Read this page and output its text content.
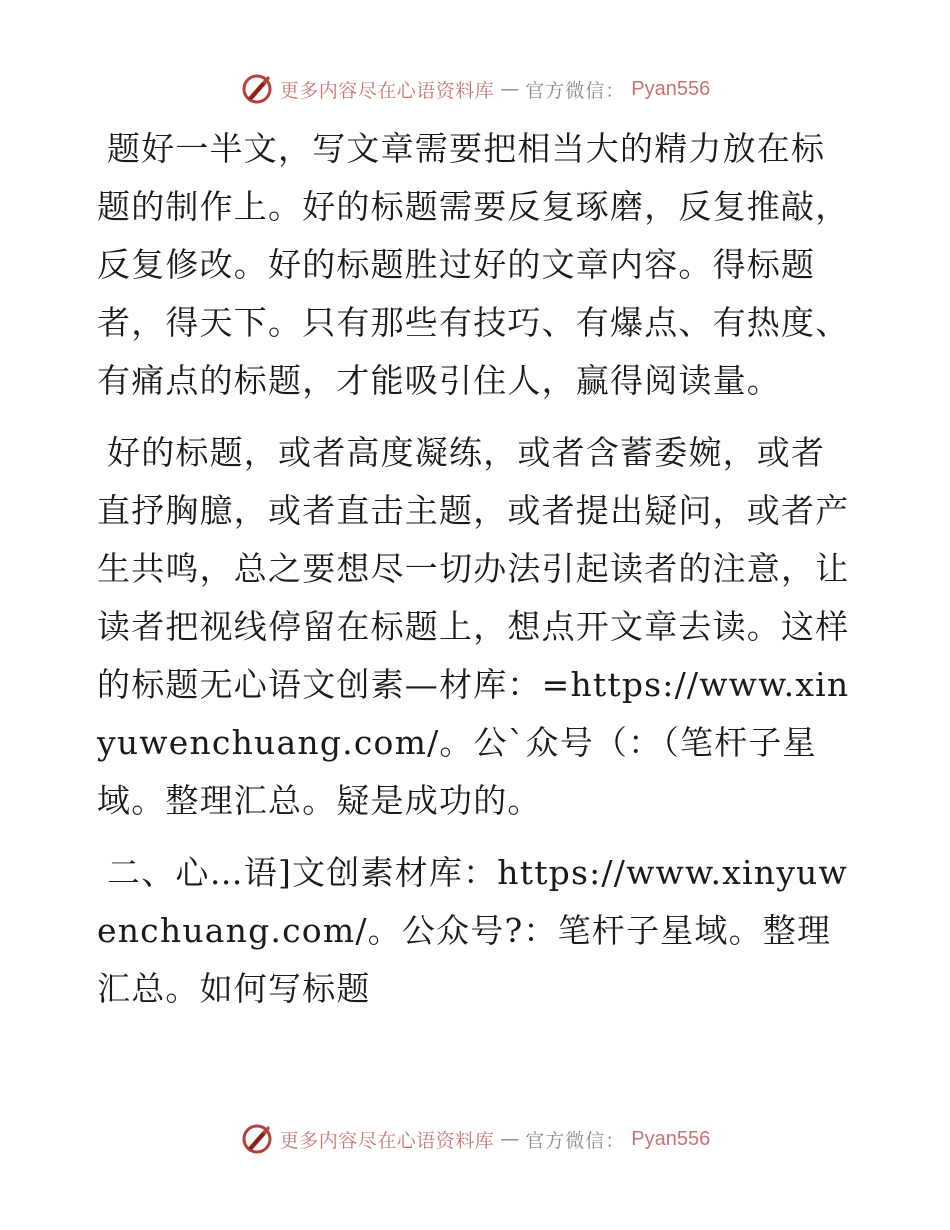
更多内容尽在心语资料库 — 官方微信： Pyan556

题好一半文，写文章需要把相当大的精力放在标题的制作上。好的标题需要反复琢磨，反复推敲，反复修改。好的标题胜过好的文章内容。得标题者，得天下。只有那些有技巧、有爆点、有热度、有痛点的标题，才能吸引住人，赢得阅读量。

好的标题，或者高度凝练，或者含蓄委婉，或者直抒胸臆，或者直击主题，或者提出疑问，或者产生共鸣，总之要想尽一切办法引起读者的注意，让读者把视线停留在标题上，想点开文章去读。这样的标题无心语文创素—材库：=https://www.xinyuwenchuang.com/。公`众号（：（笔杆子星域。整理汇总。疑是成功的。

二、心…语]文创素材库：https://www.xinyuwenchuang.com/。公众号?：笔杆子星域。整理汇总。如何写标题

更多内容尽在心语资料库 — 官方微信： Pyan556
